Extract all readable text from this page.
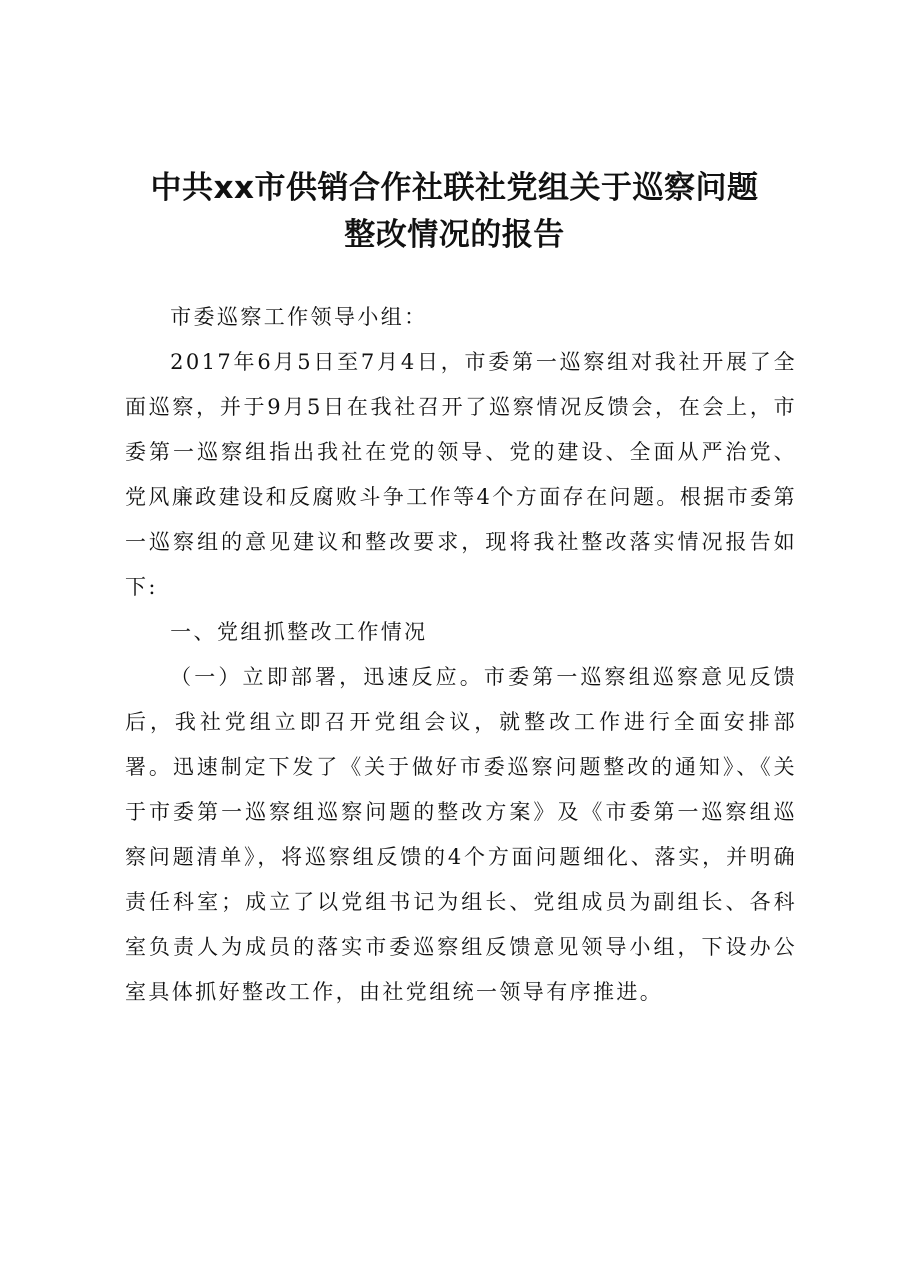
中共xx市供销合作社联社党组关于巡察问题
整改情况的报告

市委巡察工作领导小组：

2017年6月5日至7月4日，市委第一巡察组对我社开展了全面巡察，并于9月5日在我社召开了巡察情况反馈会，在会上，市委第一巡察组指出我社在党的领导、党的建设、全面从严治党、党风廉政建设和反腐败斗争工作等4个方面存在问题。根据市委第一巡察组的意见建议和整改要求，现将我社整改落实情况报告如下:

一、党组抓整改工作情况

（一）立即部署，迅速反应。市委第一巡察组巡察意见反馈后，我社党组立即召开党组会议，就整改工作进行全面安排部署。迅速制定下发了《关于做好市委巡察问题整改的通知》、《关于市委第一巡察组巡察问题的整改方案》及《市委第一巡察组巡察问题清单》，将巡察组反馈的4个方面问题细化、落实，并明确责任科室；成立了以党组书记为组长、党组成员为副组长、各科室负责人为成员的落实市委巡察组反馈意见领导小组，下设办公室具体抓好整改工作，由社党组统一领导有序推进。
